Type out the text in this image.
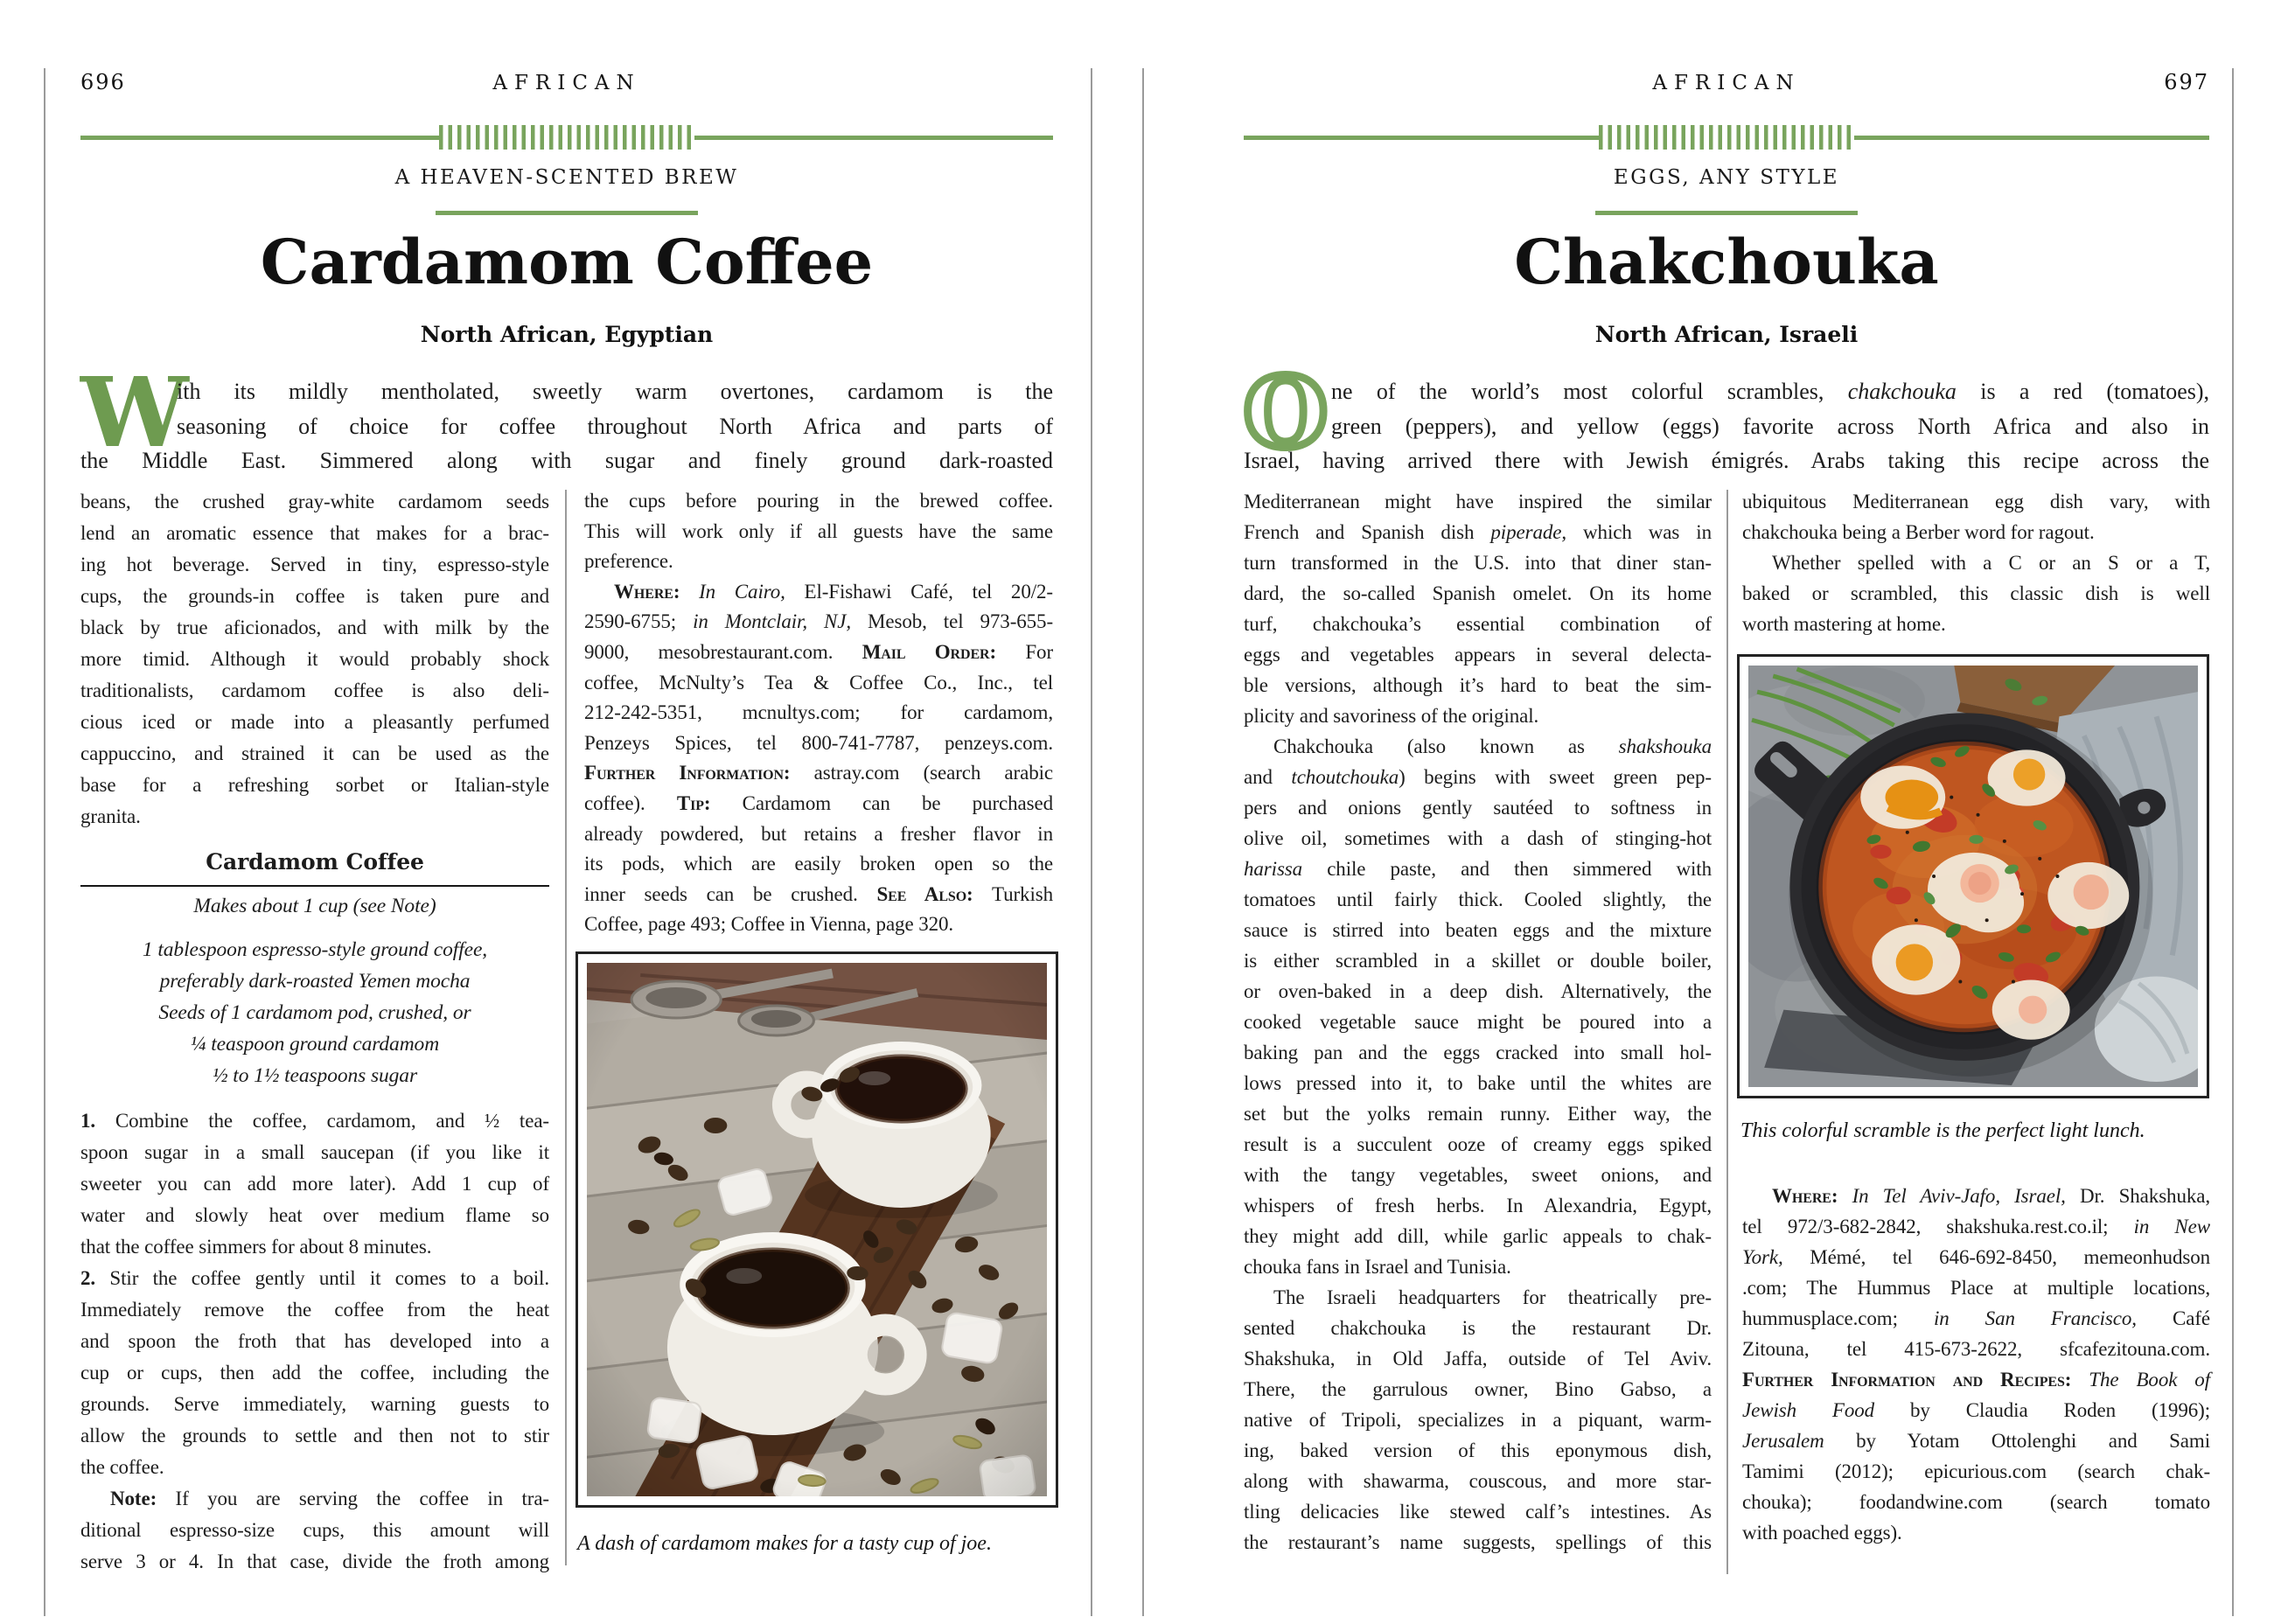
696	AFRICAN
A HEAVEN-SCENTED BREW
Cardamom Coffee
North African, Egyptian
W
ith its mildly mentholated, sweetly warm overtones, cardamom is the
seasoning of choice for coffee throughout North Africa and parts of
the Middle East. Simmered along with sugar and finely ground dark-roasted
beans, the crushed gray-white cardamom seeds
lend an aromatic essence that makes for a brac-
ing hot beverage. Served in tiny, espresso-style
cups, the grounds-in coffee is taken pure and
black by true aficionados, and with milk by the
more timid. Although it would probably shock
traditionalists, cardamom coffee is also deli-
cious iced or made into a pleasantly perfumed
cappuccino, and strained it can be used as the
base for a refreshing sorbet or Italian-style
granita.
Cardamom Coffee
Makes about 1 cup (see Note)
1 tablespoon espresso-style ground coffee,
preferably dark-roasted Yemen mocha
Seeds of 1 cardamom pod, crushed, or
¼ teaspoon ground cardamom
½ to 1½ teaspoons sugar
1. Combine the coffee, cardamom, and ½ tea-
spoon sugar in a small saucepan (if you like it
sweeter you can add more later). Add 1 cup of
water and slowly heat over medium flame so
that the coffee simmers for about 8 minutes.
2. Stir the coffee gently until it comes to a boil.
Immediately remove the coffee from the heat
and spoon the froth that has developed into a
cup or cups, then add the coffee, including the
grounds. Serve immediately, warning guests to
allow the grounds to settle and then not to stir
the coffee.
Note: If you are serving the coffee in tra-
ditional espresso-size cups, this amount will
serve 3 or 4. In that case, divide the froth among
the cups before pouring in the brewed coffee.
This will work only if all guests have the same
preference.
Where: In Cairo, El-Fishawi Café, tel 20/2-
2590-6755; in Montclair, NJ, Mesob, tel 973-655-
9000, mesobrestaurant.com. Mail Order: For
coffee, McNulty’s Tea & Coffee Co., Inc., tel
212-242-5351, mcnultys.com; for cardamom,
Penzeys Spices, tel 800-741-7787, penzeys.com.
Further Information: astray.com (search arabic
coffee). Tip: Cardamom can be purchased
already powdered, but retains a fresher flavor in
its pods, which are easily broken open so the
inner seeds can be crushed. See Also: Turkish
Coffee, page 493; Coffee in Vienna, page 320.
A dash of cardamom makes for a tasty cup of joe.
AFRICAN	697
EGGS, ANY STYLE
Chakchouka
North African, Israeli
O ne of the world’s most colorful scrambles, chakchouka is a red (tomatoes),
green (peppers), and yellow (eggs) favorite across North Africa and also in
Israel, having arrived there with Jewish émigrés. Arabs taking this recipe across the
Mediterranean might have inspired the similar
French and Spanish dish piperade, which was in
turn transformed in the U.S. into that diner stan-
dard, the so-called Spanish omelet. On its home
turf, chakchouka’s essential combination of
eggs and vegetables appears in several delecta-
ble versions, although it’s hard to beat the sim-
plicity and savoriness of the original.
Chakchouka (also known as shakshouka
and tchoutchouka) begins with sweet green pep-
pers and onions gently sautéed to softness in
olive oil, sometimes with a dash of stinging-hot
harissa chile paste, and then simmered with
tomatoes until fairly thick. Cooled slightly, the
sauce is stirred into beaten eggs and the mixture
is either scrambled in a skillet or double boiler,
or oven-baked in a deep dish. Alternatively, the
cooked vegetable sauce might be poured into a
baking pan and the eggs cracked into small hol-
lows pressed into it, to bake until the whites are
set but the yolks remain runny. Either way, the
result is a succulent ooze of creamy eggs spiked
with the tangy vegetables, sweet onions, and
whispers of fresh herbs. In Alexandria, Egypt,
they might add dill, while garlic appeals to chak-
chouka fans in Israel and Tunisia.
The Israeli headquarters for theatrically pre-
sented chakchouka is the restaurant Dr.
Shakshuka, in Old Jaffa, outside of Tel Aviv.
There, the garrulous owner, Bino Gabso, a
native of Tripoli, specializes in a piquant, warm-
ing, baked version of this eponymous dish,
along with shawarma, couscous, and more star-
tling delicacies like stewed calf’s intestines. As
the restaurant’s name suggests, spellings of this
ubiquitous Mediterranean egg dish vary, with
chakchouka being a Berber word for ragout.
Whether spelled with a C or an S or a T,
baked or scrambled, this classic dish is well
worth mastering at home.
This colorful scramble is the perfect light lunch.
Where: In Tel Aviv-Jafo, Israel, Dr. Shakshuka,
tel 972/3-682-2842, shakshuka.rest.co.il; in New
York, Mémé, tel 646-692-8450, memeonhudson
.com; The Hummus Place at multiple locations,
hummusplace.com; in San Francisco, Café
Zitouna, tel 415-673-2622, sfcafezitouna.com.
Further Information and Recipes: The Book of
Jewish Food by Claudia Roden (1996);
Jerusalem by Yotam Ottolenghi and Sami
Tamimi (2012); epicurious.com (search chak-
chouka); foodandwine.com (search tomato
with poached eggs).
